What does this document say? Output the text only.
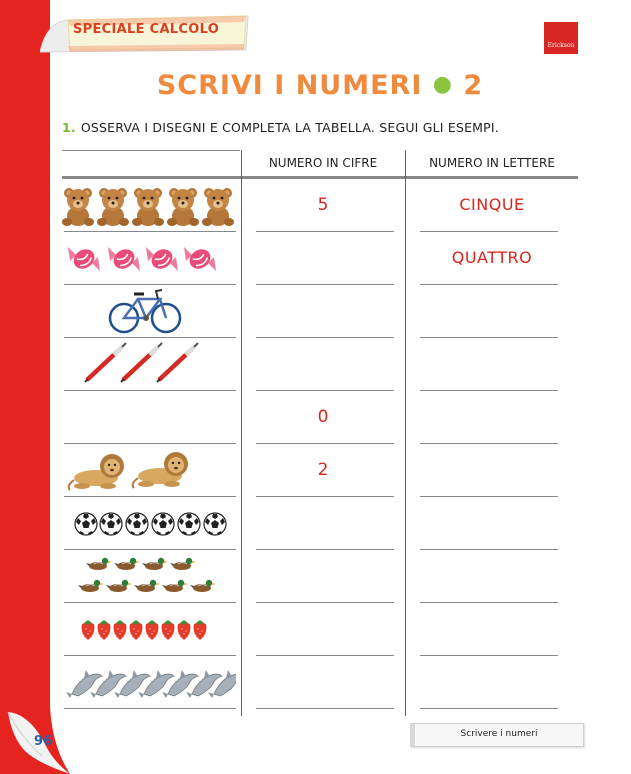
96
SPECIALE CALCOLO
Erickson
SCRIVI I NUMERI ● 2
1. OSSERVA I DISEGNI E COMPLETA LA TABELLA. SEGUI GLI ESEMPI.
NUMERO IN CIFRE	NUMERO IN LETTERE
5	CINQUE
QUATTRO
0
2
Scrivere i numeri
